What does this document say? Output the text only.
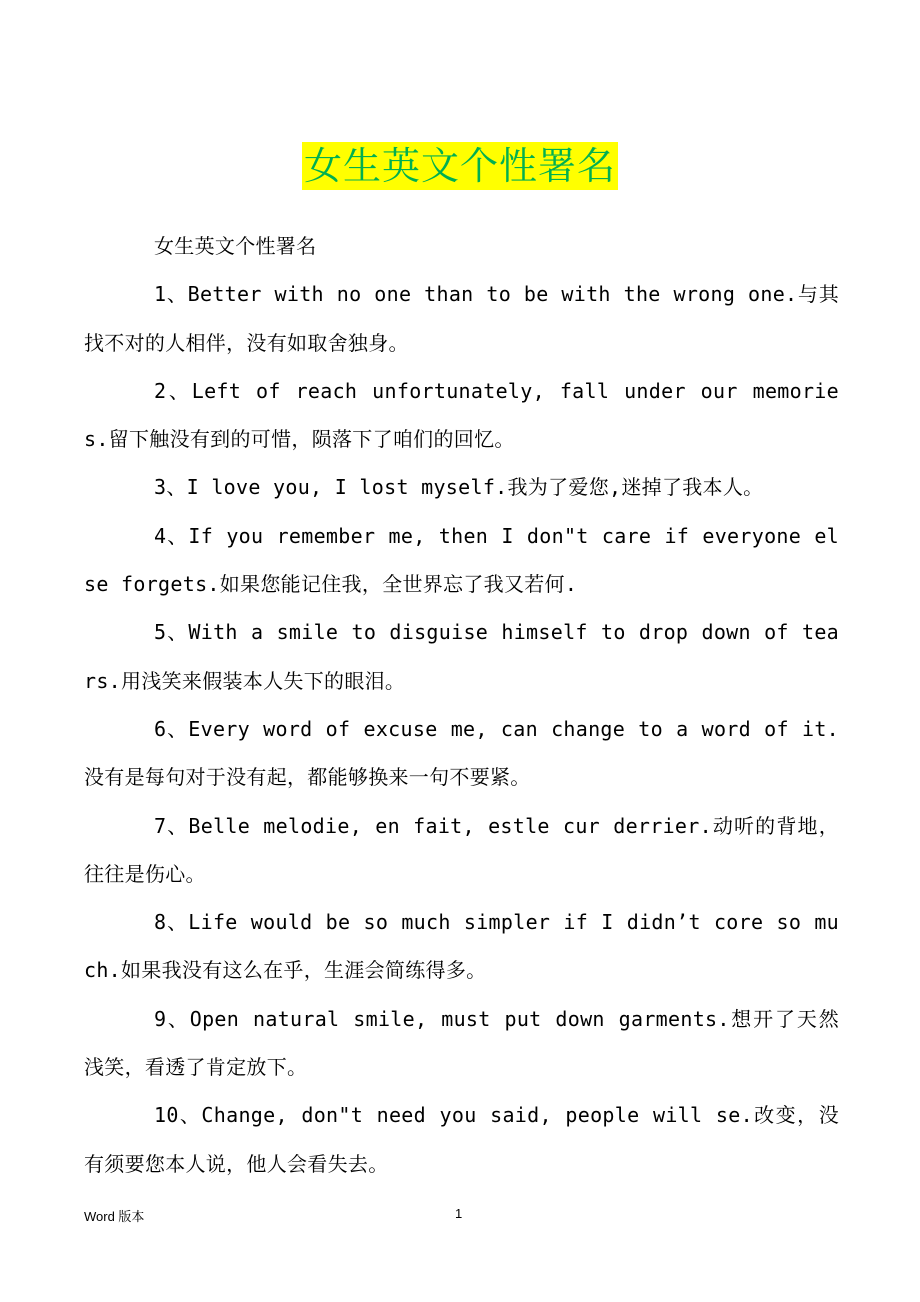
女生英文个性署名

女生英文个性署名

1、Better with no one than to be with the wrong one.与其找不对的人相伴，没有如取舍独身。

2、Left of reach unfortunately, fall under our memories.留下触没有到的可惜，陨落下了咱们的回忆。

3、I love you, I lost myself.我为了爱您,迷掉了我本人。

4、If you remember me, then I don"t care if everyone else forgets.如果您能记住我，全世界忘了我又若何.

5、With a smile to disguise himself to drop down of tears.用浅笑来假装本人失下的眼泪。

6、Every word of excuse me, can change to a word of it.没有是每句对于没有起，都能够换来一句不要紧。

7、Belle melodie, en fait, estle cur derrier.动听的背地，往往是伤心。

8、Life would be so much simpler if I didn’t core so much.如果我没有这么在乎，生涯会简练得多。

9、Open natural smile, must put down garments.想开了天然浅笑，看透了肯定放下。

10、Change, don"t need you said, people will se.改变，没有须要您本人说，他人会看失去。

Word 版本	1
